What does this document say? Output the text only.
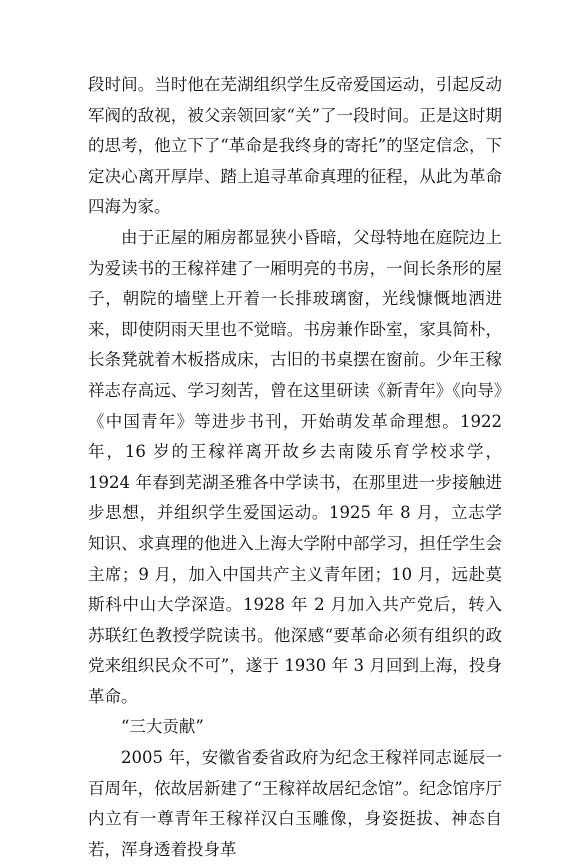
段时间。当时他在芜湖组织学生反帝爱国运动，引起反动军阀的敌视，被父亲领回家“关”了一段时间。正是这时期的思考，他立下了“革命是我终身的寄托”的坚定信念，下定决心离开厚岸、踏上追寻革命真理的征程，从此为革命四海为家。

由于正屋的厢房都显狭小昏暗，父母特地在庭院边上为爱读书的王稼祥建了一厢明亮的书房，一间长条形的屋子，朝院的墙壁上开着一长排玻璃窗，光线慷慨地洒进来，即使阴雨天里也不觉暗。书房兼作卧室，家具简朴，长条凳就着木板搭成床，古旧的书桌摆在窗前。少年王稼祥志存高远、学习刻苦，曾在这里研读《新青年》《向导》《中国青年》等进步书刊，开始萌发革命理想。1922 年，16 岁的王稼祥离开故乡去南陵乐育学校求学，1924 年春到芜湖圣雅各中学读书，在那里进一步接触进步思想，并组织学生爱国运动。1925 年 8 月，立志学知识、求真理的他进入上海大学附中部学习，担任学生会主席；9 月，加入中国共产主义青年团；10 月，远赴莫斯科中山大学深造。1928 年 2 月加入共产党后，转入苏联红色教授学院读书。他深感“要革命必须有组织的政党来组织民众不可”，遂于 1930 年 3 月回到上海，投身革命。

“三大贡献”

2005 年，安徽省委省政府为纪念王稼祥同志诞辰一百周年，依故居新建了“王稼祥故居纪念馆”。纪念馆序厅内立有一尊青年王稼祥汉白玉雕像，身姿挺拔、神态自若，浑身透着投身革
